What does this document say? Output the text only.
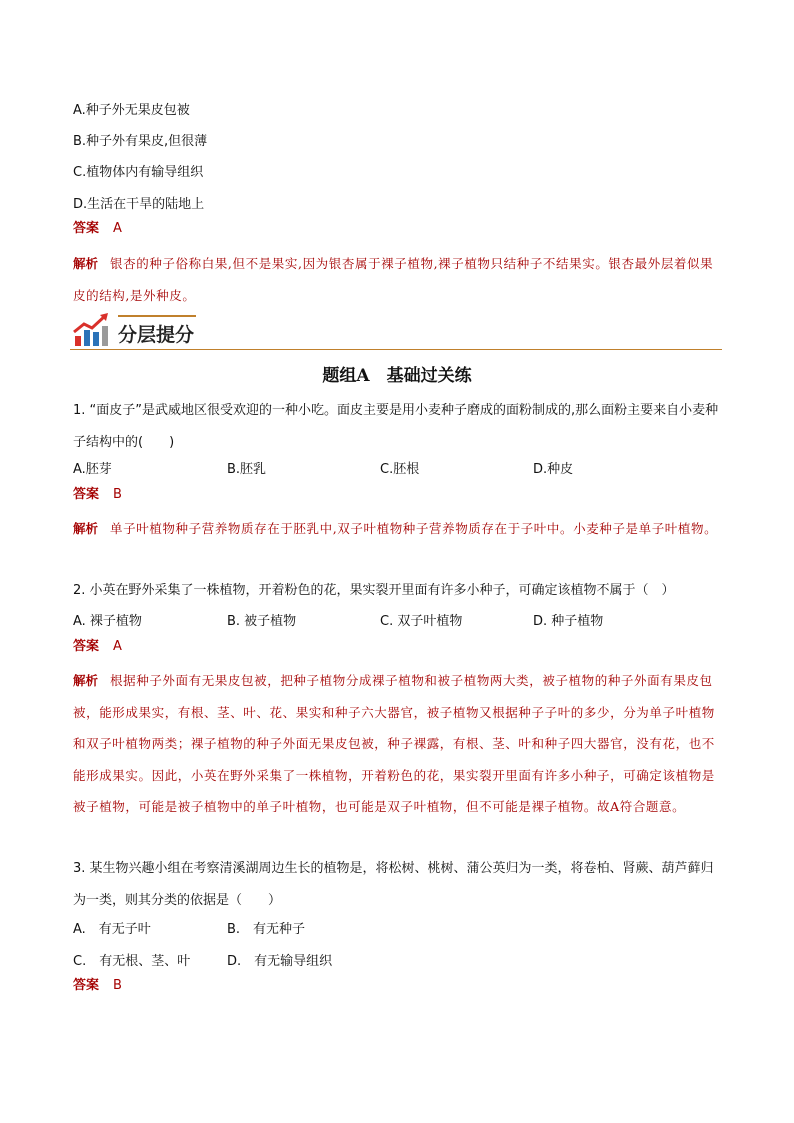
A.种子外无果皮包被
B.种子外有果皮,但很薄
C.植物体内有输导组织
D.生活在干旱的陆地上
答案 A
解析 银杏的种子俗称白果,但不是果实,因为银杏属于裸子植物,裸子植物只结种子不结果实。银杏最外层着似果皮的结构,是外种皮。
分层提分
题组A　基础过关练
1. “面皮子”是武威地区很受欢迎的一种小吃。面皮主要是用小麦种子磨成的面粉制成的,那么面粉主要来自小麦种子结构中的(　　)
A.胚芽	B.胚乳	C.胚根	D.种皮
答案 B
解析 单子叶植物种子营养物质存在于胚乳中,双子叶植物种子营养物质存在于子叶中。小麦种子是单子叶植物。
2. 小英在野外采集了一株植物，开着粉色的花，果实裂开里面有许多小种子，可确定该植物不属于（　）
A. 裸子植物	B. 被子植物	C. 双子叶植物	D. 种子植物
答案 A
解析 根据种子外面有无果皮包被，把种子植物分成裸子植物和被子植物两大类，被子植物的种子外面有果皮包被，能形成果实，有根、茎、叶、花、果实和种子六大器官，被子植物又根据种子子叶的多少，分为单子叶植物和双子叶植物两类；裸子植物的种子外面无果皮包被，种子裸露，有根、茎、叶和种子四大器官，没有花，也不能形成果实。因此，小英在野外采集了一株植物，开着粉色的花，果实裂开里面有许多小种子，可确定该植物是被子植物，可能是被子植物中的单子叶植物，也可能是双子叶植物，但不可能是裸子植物。故A符合题意。
3. 某生物兴趣小组在考察清溪湖周边生长的植物是，将松树、桃树、蒲公英归为一类，将卷柏、肾蕨、葫芦藓归为一类，则其分类的依据是（　　）
A.　有无子叶	B.　有无种子
C.　有无根、茎、叶	D.　有无输导组织
答案 B
